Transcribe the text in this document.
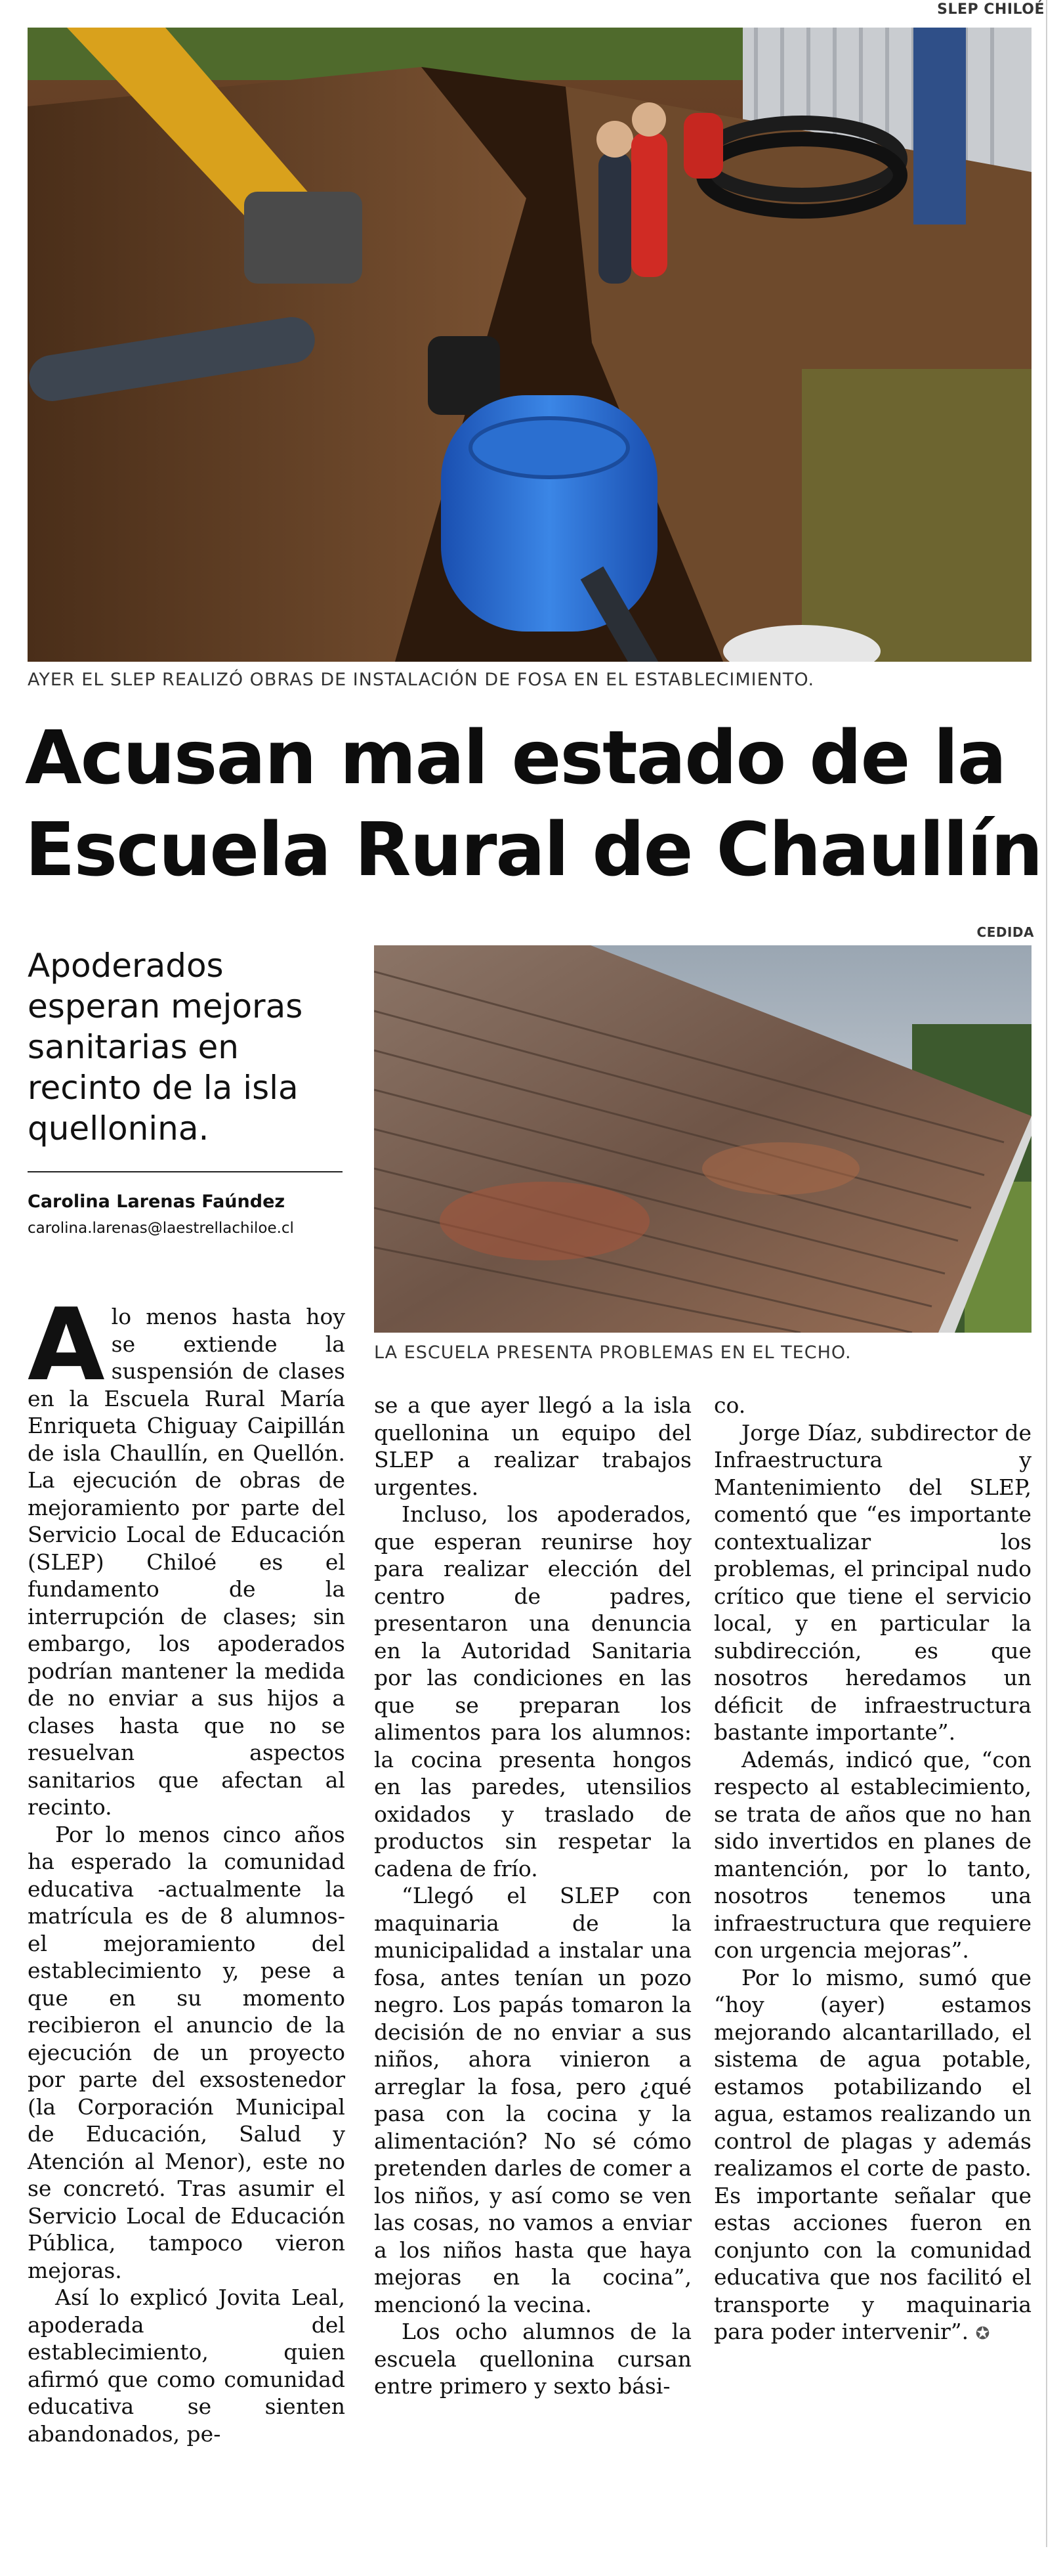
SLEP CHILOÉ
AYER EL SLEP REALIZÓ OBRAS DE INSTALACIÓN DE FOSA EN EL ESTABLECIMIENTO.
Acusan mal estado de la
Escuela Rural de Chaullín
CEDIDA
Apoderados esperan mejoras sanitarias en recinto de la isla quellonina.
Carolina Larenas Faúndez
carolina.larenas@laestrellachiloe.cl
LA ESCUELA PRESENTA PROBLEMAS EN EL TECHO.

Alo menos hasta hoy se extiende la suspensión de clases en la Escuela Rural María Enriqueta Chiguay Caipillán de isla Chaullín, en Quellón. La ejecución de obras de mejoramiento por parte del Servicio Local de Educación (SLEP) Chiloé es el fundamento de la interrupción de clases; sin embargo, los apoderados podrían mantener la medida de no enviar a sus hijos a clases hasta que no se resuelvan aspectos sanitarios que afectan al recinto.

Por lo menos cinco años ha esperado la comunidad educativa -actualmente la matrícula es de 8 alumnos- el mejoramiento del establecimiento y, pese a que en su momento recibieron el anuncio de la ejecución de un proyecto por parte del exsostenedor (la Corporación Municipal de Educación, Salud y Atención al Menor), este no se concretó. Tras asumir el Servicio Local de Educación Pública, tampoco vieron mejoras.

Así lo explicó Jovita Leal, apoderada del establecimiento, quien afirmó que como comunidad educativa se sienten abandonados, pe-

se a que ayer llegó a la isla quellonina un equipo del SLEP a realizar trabajos urgentes.

Incluso, los apoderados, que esperan reunirse hoy para realizar elección del centro de padres, presentaron una denuncia en la Autoridad Sanitaria por las condiciones en las que se preparan los alimentos para los alumnos: la cocina presenta hongos en las paredes, utensilios oxidados y traslado de productos sin respetar la cadena de frío.

“Llegó el SLEP con maquinaria de la municipalidad a instalar una fosa, antes tenían un pozo negro. Los papás tomaron la decisión de no enviar a sus niños, ahora vinieron a arreglar la fosa, pero ¿qué pasa con la cocina y la alimentación? No sé cómo pretenden darles de comer a los niños, y así como se ven las cosas, no vamos a enviar a los niños hasta que haya mejoras en la cocina”, mencionó la vecina.

Los ocho alumnos de la escuela quellonina cursan entre primero y sexto bási-

co.

Jorge Díaz, subdirector de Infraestructura y Mantenimiento del SLEP, comentó que “es importante contextualizar los problemas, el principal nudo crítico que tiene el servicio local, y en particular la subdirección, es que nosotros heredamos un déficit de infraestructura bastante importante”.

Además, indicó que, “con respecto al establecimiento, se trata de años que no han sido invertidos en planes de mantención, por lo tanto, nosotros tenemos una infraestructura que requiere con urgencia mejoras”.

Por lo mismo, sumó que “hoy (ayer) estamos mejorando alcantarillado, el sistema de agua potable, estamos potabilizando el agua, estamos realizando un control de plagas y además realizamos el corte de pasto. Es importante señalar que estas acciones fueron en conjunto con la comunidad educativa que nos facilitó el transporte y maquinaria para poder intervenir”. ✪
